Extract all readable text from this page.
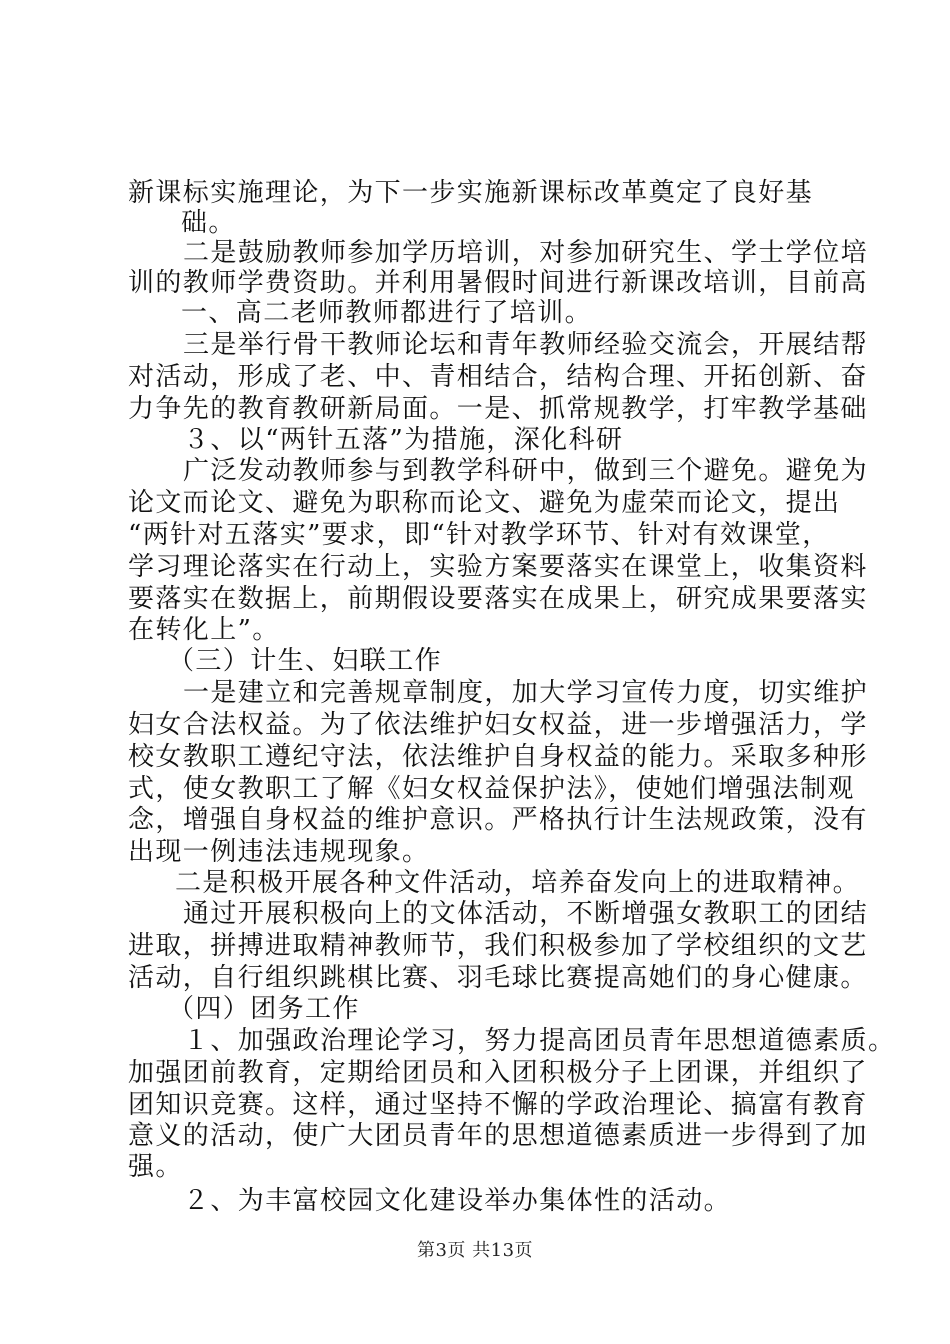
新课标实施理论，为下一步实施新课标改革奠定了良好基
础。
二是鼓励教师参加学历培训，对参加研究生、学士学位培
训的教师学费资助。并利用暑假时间进行新课改培训，目前高
一、高二老师教师都进行了培训。
三是举行骨干教师论坛和青年教师经验交流会，开展结帮
对活动，形成了老、中、青相结合，结构合理、开拓创新、奋
力争先的教育教研新局面。一是、抓常规教学，打牢教学基础
３、以“两针五落”为措施，深化科研
广泛发动教师参与到教学科研中，做到三个避免。避免为
论文而论文、避免为职称而论文、避免为虚荣而论文，提出
“两针对五落实”要求，即“针对教学环节、针对有效课堂，
学习理论落实在行动上，实验方案要落实在课堂上，收集资料
要落实在数据上，前期假设要落实在成果上，研究成果要落实
在转化上”。
（三）计生、妇联工作
一是建立和完善规章制度，加大学习宣传力度，切实维护
妇女合法权益。为了依法维护妇女权益，进一步增强活力，学
校女教职工遵纪守法，依法维护自身权益的能力。采取多种形
式，使女教职工了解《妇女权益保护法》，使她们增强法制观
念，增强自身权益的维护意识。严格执行计生法规政策，没有
出现一例违法违规现象。
二是积极开展各种文件活动，培养奋发向上的进取精神。
通过开展积极向上的文体活动，不断增强女教职工的团结
进取，拼搏进取精神教师节，我们积极参加了学校组织的文艺
活动，自行组织跳棋比赛、羽毛球比赛提高她们的身心健康。
（四）团务工作
１、加强政治理论学习，努力提高团员青年思想道德素质。
加强团前教育，定期给团员和入团积极分子上团课，并组织了
团知识竞赛。这样，通过坚持不懈的学政治理论、搞富有教育
意义的活动，使广大团员青年的思想道德素质进一步得到了加
强。
２、为丰富校园文化建设举办集体性的活动。
第3页 共13页
